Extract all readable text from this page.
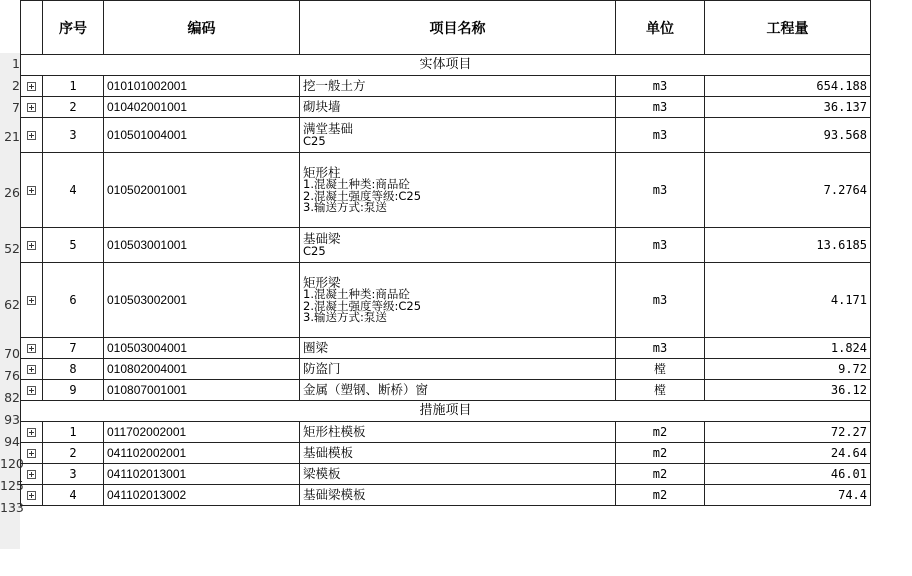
1
2
7
21
26
52
62
70
76
82
93
94
120
125
133
	序号	编码	项目名称	单位	工程量
实体项目					
	1	010101002001	挖一般土方	m3	654.188
	2	010402001001	砌块墙	m3	36.137
	3	010501004001	满堂基础
C25	m3	93.568
	4	010502001001	矩形柱
1.混凝土种类:商品砼
2.混凝土强度等级:C25
3.输送方式:泵送	m3	7.2764
	5	010503001001	基础梁
C25	m3	13.6185
	6	010503002001	矩形梁
1.混凝土种类:商品砼
2.混凝土强度等级:C25
3.输送方式:泵送	m3	4.171
	7	010503004001	圈梁	m3	1.824
	8	010802004001	防盗门	樘	9.72
	9	010807001001	金属（塑钢、断桥）窗	樘	36.12
措施项目					
	1	011702002001	矩形柱模板	m2	72.27
	2	041102002001	基础模板	m2	24.64
	3	041102013001	梁模板	m2	46.01
	4	041102013002	基础梁模板	m2	74.4
